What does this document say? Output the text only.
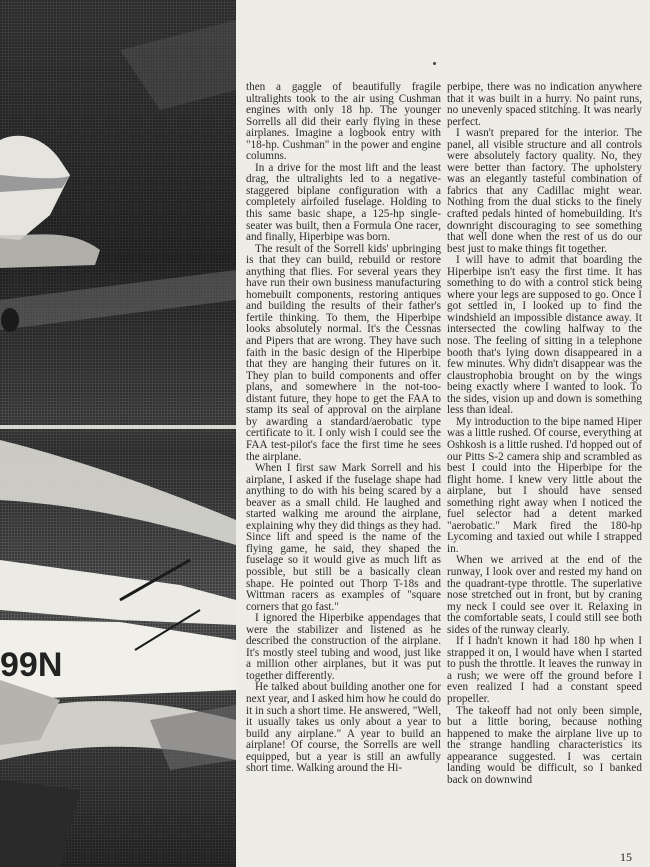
99N

then a gaggle of beautifully fragile ultralights took to the air using Cushman engines with only 18 hp. The younger Sorrells all did their early flying in these airplanes. Imagine a logbook entry with "18-hp. Cushman" in the power and engine columns.

In a drive for the most lift and the least drag, the ultralights led to a negative-staggered biplane configuration with a completely airfoiled fuselage. Holding to this same basic shape, a 125-hp single-seater was built, then a Formula One racer, and finally, Hiperbipe was born.

The result of the Sorrell kids' upbringing is that they can build, rebuild or restore anything that flies. For several years they have run their own business manufacturing homebuilt components, restoring antiques and building the results of their father's fertile thinking. To them, the Hiperbipe looks absolutely normal. It's the Cessnas and Pipers that are wrong. They have such faith in the basic design of the Hiperbipe that they are hanging their futures on it. They plan to build components and offer plans, and somewhere in the not-too-distant future, they hope to get the FAA to stamp its seal of approval on the airplane by awarding a standard/aerobatic type certificate to it. I only wish I could see the FAA test-pilot's face the first time he sees the airplane.

When I first saw Mark Sorrell and his airplane, I asked if the fuselage shape had anything to do with his being scared by a beaver as a small child. He laughed and started walking me around the airplane, explaining why they did things as they had. Since lift and speed is the name of the flying game, he said, they shaped the fuselage so it would give as much lift as possible, but still be a basically clean shape. He pointed out Thorp T-18s and Wittman racers as examples of "square corners that go fast."

I ignored the Hiperbike appendages that were the stabilizer and listened as he described the construction of the airplane. It's mostly steel tubing and wood, just like a million other airplanes, but it was put together differently.

He talked about building another one for next year, and I asked him how he could do it in such a short time. He answered, "Well, it usually takes us only about a year to build any airplane." A year to build an airplane! Of course, the Sorrells are well equipped, but a year is still an awfully short time. Walking around the Hi-

perbipe, there was no indication anywhere that it was built in a hurry. No paint runs, no unevenly spaced stitching. It was nearly perfect.

I wasn't prepared for the interior. The panel, all visible structure and all controls were absolutely factory quality. No, they were better than factory. The upholstery was an elegantly tasteful combination of fabrics that any Cadillac might wear. Nothing from the dual sticks to the finely crafted pedals hinted of homebuilding. It's downright discouraging to see something that well done when the rest of us do our best just to make things fit together.

I will have to admit that boarding the Hiperbipe isn't easy the first time. It has something to do with a control stick being where your legs are supposed to go. Once I got settled in, I looked up to find the windshield an impossible distance away. It intersected the cowling halfway to the nose. The feeling of sitting in a telephone booth that's lying down disappeared in a few minutes. Why didn't disappear was the claustrophobia brought on by the wings being exactly where I wanted to look. To the sides, vision up and down is something less than ideal.

My introduction to the bipe named Hiper was a little rushed. Of course, everything at Oshkosh is a little rushed. I'd hopped out of our Pitts S-2 camera ship and scrambled as best I could into the Hiperbipe for the flight home. I knew very little about the airplane, but I should have sensed something right away when I noticed the fuel selector had a detent marked "aerobatic." Mark fired the 180-hp Lycoming and taxied out while I strapped in.

When we arrived at the end of the runway, I look over and rested my hand on the quadrant-type throttle. The superlative nose stretched out in front, but by craning my neck I could see over it. Relaxing in the comfortable seats, I could still see both sides of the runway clearly.

If I hadn't known it had 180 hp when I strapped it on, I would have when I started to push the throttle. It leaves the runway in a rush; we were off the ground before I even realized I had a constant speed propeller.

The takeoff had not only been simple, but a little boring, because nothing happened to make the airplane live up to the strange handling characteristics its appearance suggested. I was certain landing would be difficult, so I banked back on downwind

15
